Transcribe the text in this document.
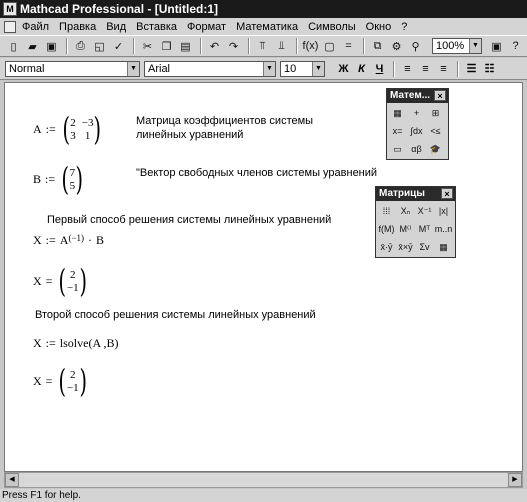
M Mathcad Professional - [Untitled:1]
Файл Правка Вид Вставка Формат Математика Символы Окно ?
▯	▰ ▣	⎙ ◱ ✓	✂ ❐ ▤	↶ ↷	⫪	⫫	f(x) ▢ =	⧉ ⚙ ⚲	100%	▼ ▣ ?
Normal	▼	Arial	▼	10	▼	Ж К Ч	≡	≡	≡	☰ ☷
A := ( 2 −3
3 1 )	Матрица коэффициентов системы
линейных уравнений
B := ( 7
5 )	"Вектор свободных членов системы уравнений
Первый способ решения системы линейных уравнений
X := $A^{(-1)} \cdot B$
X = ( 2
−1 )
Второй способ решения системы линейных уравнений
X := lsolve(A ,B)
X = ( 2
−1 )
Матем... ×
▦	+	⊞
x= ∫dx <≤
▭	αβ 🎓
Матрицы	×
⁞⁞⁞	Xₙ X⁻¹ |x|
f(M) M⁽⁾ Mᵀ m..n
x̄·ȳ x̄×ȳ Σv	▦
◀	▶
Press F1 for help.
